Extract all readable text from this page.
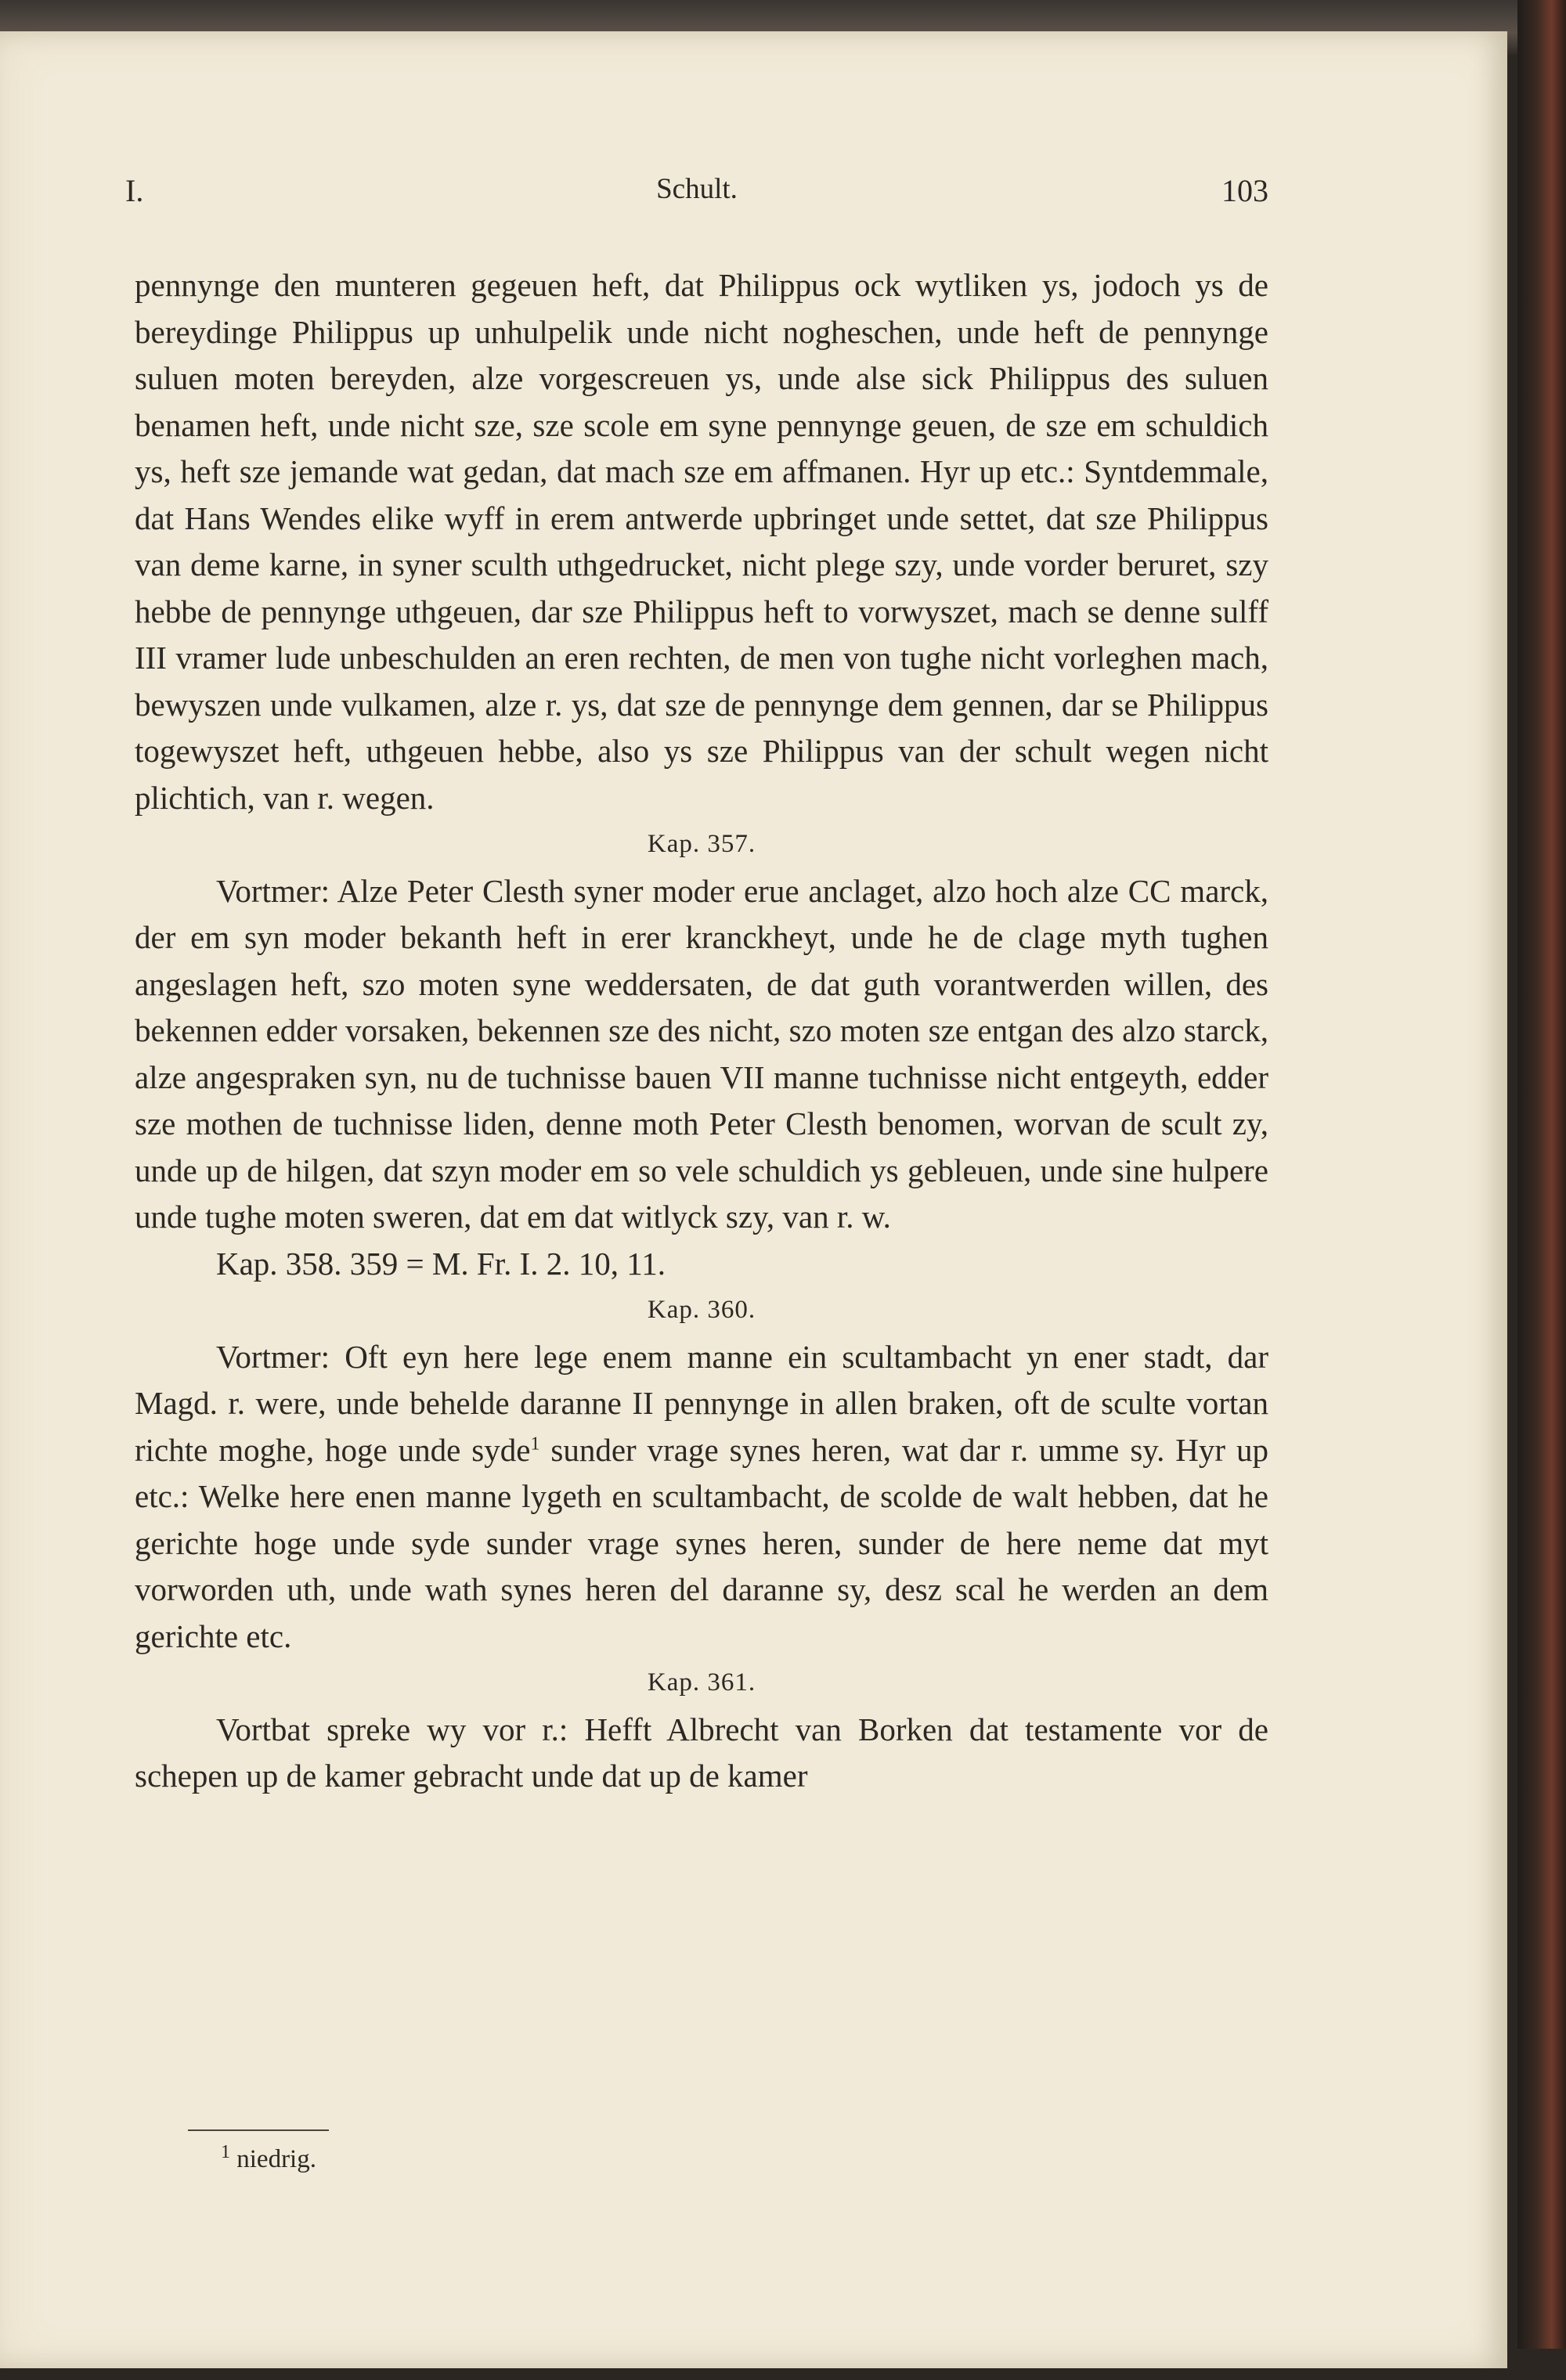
I.	Schult.	103

pennynge den munteren gegeuen heft, dat Philippus ock wytliken ys, jodoch ys de bereydinge Philippus up unhulpelik unde nicht nogheschen, unde heft de pennynge suluen moten bereyden, alze vorgescreuen ys, unde alse sick Philippus des suluen benamen heft, unde nicht sze, sze scole em syne pennynge geuen, de sze em schuldich ys, heft sze jemande wat gedan, dat mach sze em affmanen. Hyr up etc.: Syntdemmale, dat Hans Wendes elike wyff in erem antwerde upbringet unde settet, dat sze Philippus van deme karne, in syner sculth uthgedrucket, nicht plege szy, unde vorder beruret, szy hebbe de pennynge uthgeuen, dar sze Philippus heft to vorwyszet, mach se denne sulff III vramer lude unbeschulden an eren rechten, de men von tughe nicht vorleghen mach, bewyszen unde vulkamen, alze r. ys, dat sze de pennynge dem gennen, dar se Philippus togewyszet heft, uthgeuen hebbe, also ys sze Philippus van der schult wegen nicht plichtich, van r. wegen.

Kap. 357.

Vortmer: Alze Peter Clesth syner moder erue anclaget, alzo hoch alze CC marck, der em syn moder bekanth heft in erer kranckheyt, unde he de clage myth tughen angeslagen heft, szo moten syne weddersaten, de dat guth vorantwerden willen, des bekennen edder vorsaken, bekennen sze des nicht, szo moten sze entgan des alzo starck, alze angespraken syn, nu de tuchnisse bauen VII manne tuchnisse nicht entgeyth, edder sze mothen de tuchnisse liden, denne moth Peter Clesth benomen, worvan de scult zy, unde up de hilgen, dat szyn moder em so vele schuldich ys gebleuen, unde sine hulpere unde tughe moten sweren, dat em dat witlyck szy, van r. w.

Kap. 358. 359 = M. Fr. I. 2. 10, 11.

Kap. 360.

Vortmer: Oft eyn here lege enem manne ein scultambacht yn ener stadt, dar Magd. r. were, unde behelde daranne II pennynge in allen braken, oft de sculte vortan richte moghe, hoge unde syde$^1$ sunder vrage synes heren, wat dar r. umme sy. Hyr up etc.: Welke here enen manne lygeth en scultambacht, de scolde de walt hebben, dat he gerichte hoge unde syde sunder vrage synes heren, sunder de here neme dat myt vorworden uth, unde wath synes heren del daranne sy, desz scal he werden an dem gerichte etc.

Kap. 361.

Vortbat spreke wy vor r.: Hefft Albrecht van Borken dat testamente vor de schepen up de kamer gebracht unde dat up de kamer

$^1$ niedrig.
